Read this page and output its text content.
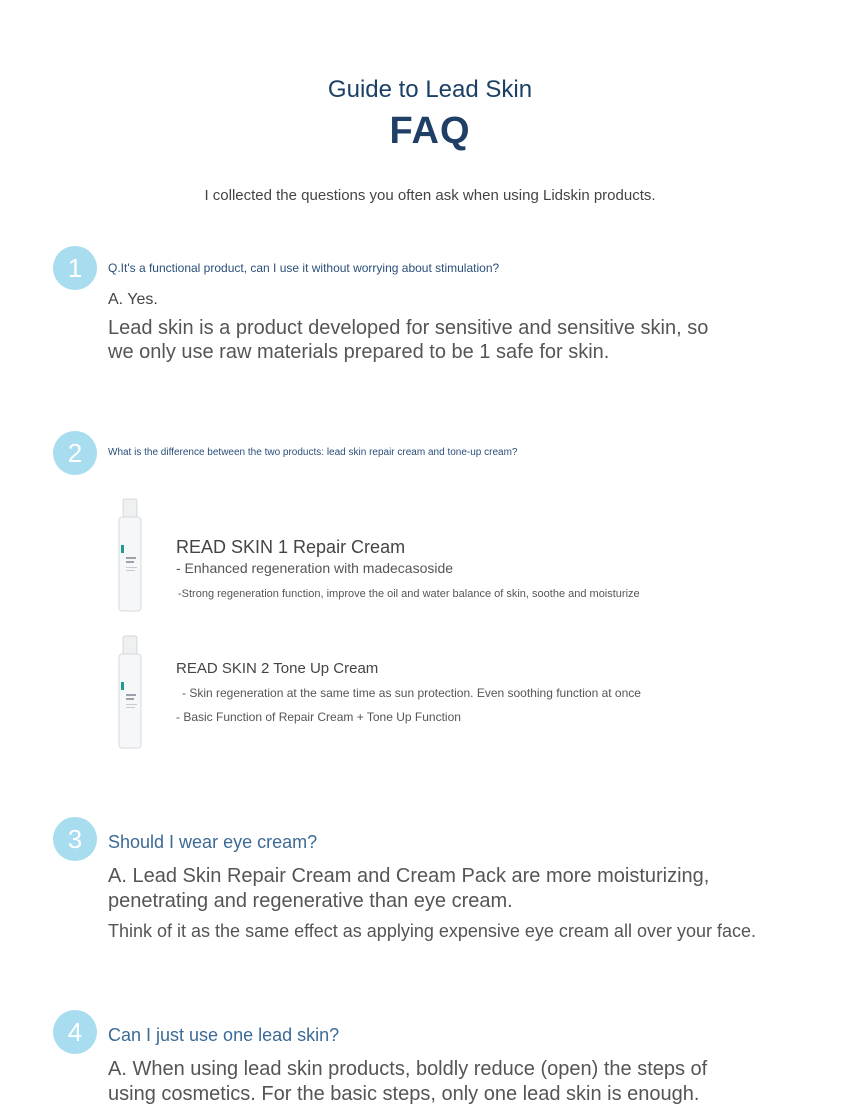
Guide to Lead Skin
FAQ
I collected the questions you often ask when using Lidskin products.
1	Q.It's a functional product, can I use it without worrying about stimulation?
A. Yes.
Lead skin is a product developed for sensitive and sensitive skin, so
we only use raw materials prepared to be 1 safe for skin.
2	What is the difference between the two products: lead skin repair cream and tone-up cream?
READ SKIN 1 Repair Cream
- Enhanced regeneration with madecasoside
-Strong regeneration function, improve the oil and water balance of skin, soothe and moisturize
READ SKIN 2 Tone Up Cream
- Skin regeneration at the same time as sun protection. Even soothing function at once
- Basic Function of Repair Cream + Tone Up Function
3	Should I wear eye cream?
A. Lead Skin Repair Cream and Cream Pack are more moisturizing,
penetrating and regenerative than eye cream.
Think of it as the same effect as applying expensive eye cream all over your face.
4	Can I just use one lead skin?
A. When using lead skin products, boldly reduce (open) the steps of
using cosmetics. For the basic steps, only one lead skin is enough.
